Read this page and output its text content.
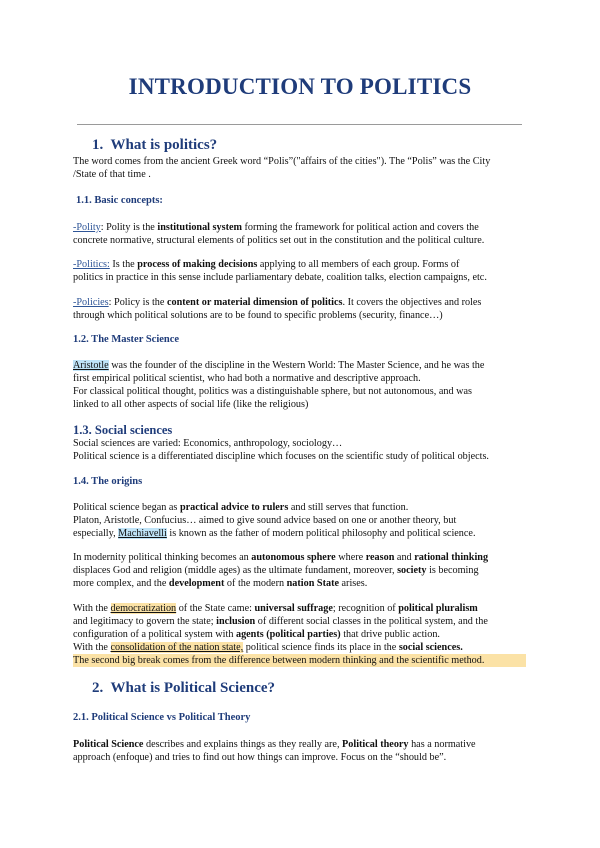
INTRODUCTION TO POLITICS
1. What is politics?
The word comes from the ancient Greek word “Polis”("affairs of the cities"). The “Polis” was the City
/State of that time .
1.1. Basic concepts:
-Polity: Polity is the institutional system forming the framework for political action and covers the
concrete normative, structural elements of politics set out in the constitution and the political culture.
-Politics: Is the process of making decisions applying to all members of each group. Forms of
politics in practice in this sense include parliamentary debate, coalition talks, election campaigns, etc.
-Policies: Policy is the content or material dimension of politics. It covers the objectives and roles
through which political solutions are to be found to specific problems (security, finance…)
1.2. The Master Science
Aristotle was the founder of the discipline in the Western World: The Master Science, and he was the
first empirical political scientist, who had both a normative and descriptive approach.
For classical political thought, politics was a distinguishable sphere, but not autonomous, and was
linked to all other aspects of social life (like the religious)
1.3. Social sciences
Social sciences are varied: Economics, anthropology, sociology…
Political science is a differentiated discipline which focuses on the scientific study of political objects.
1.4. The origins
Political science began as practical advice to rulers and still serves that function.
Platon, Aristotle, Confucius… aimed to give sound advice based on one or another theory, but
especially, Machiavelli is known as the father of modern political philosophy and political science.
In modernity political thinking becomes an autonomous sphere where reason and rational thinking
displaces God and religion (middle ages) as the ultimate fundament, moreover, society is becoming
more complex, and the development of the modern nation State arises.
With the democratization of the State came: universal suffrage; recognition of political pluralism
and legitimacy to govern the state; inclusion of different social classes in the political system, and the
configuration of a political system with agents (political parties) that drive public action.
With the consolidation of the nation state, political science finds its place in the social sciences.
The second big break comes from the difference between modern thinking and the scientific method.
2. What is Political Science?
2.1. Political Science vs Political Theory
Political Science describes and explains things as they really are, Political theory has a normative
approach (enfoque) and tries to find out how things can improve. Focus on the “should be”.
